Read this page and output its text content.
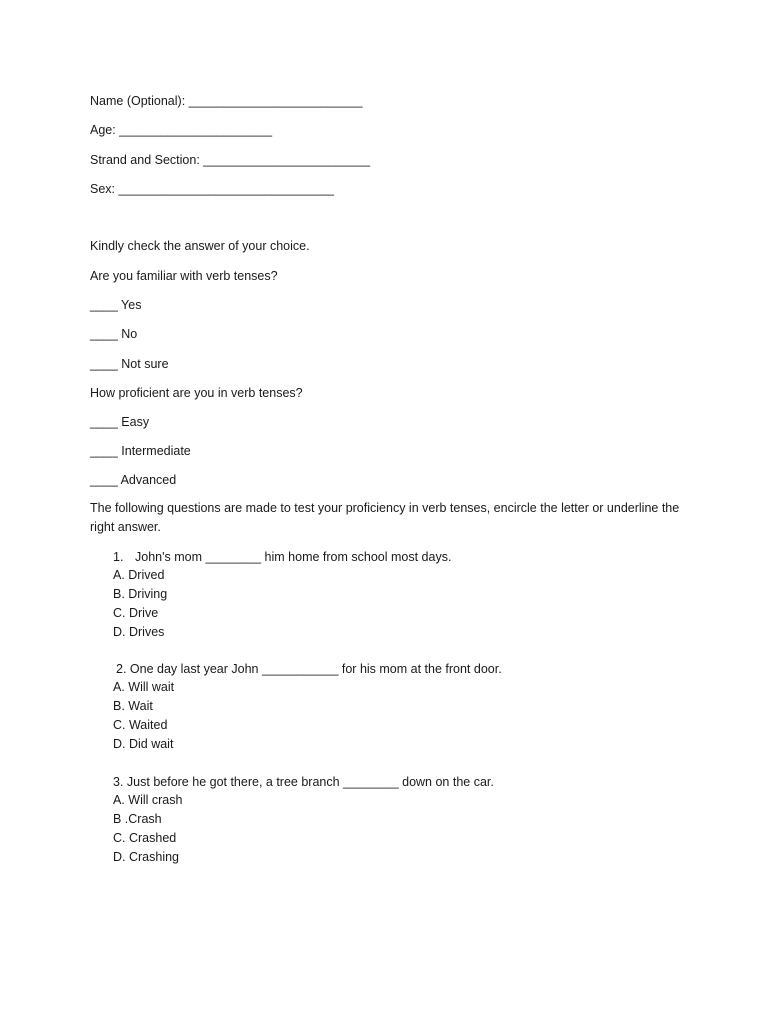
Name (Optional): _________________________
Age: ______________________
Strand and Section: ________________________
Sex: _______________________________
Kindly check the answer of your choice.
Are you familiar with verb tenses?
____ Yes
____ No
____ Not sure
How proficient are you in verb tenses?
____ Easy
____ Intermediate
____ Advanced
The following questions are made to test your proficiency in verb tenses, encircle the letter or underline the right answer.
1. John's mom ________ him home from school most days.
A. Drived
B. Driving
C. Drive
D. Drives
2. One day last year John ___________ for his mom at the front door.
A. Will wait
B. Wait
C. Waited
D. Did wait
3. Just before he got there, a tree branch ________ down on the car.
A. Will crash
B .Crash
C. Crashed
D. Crashing
